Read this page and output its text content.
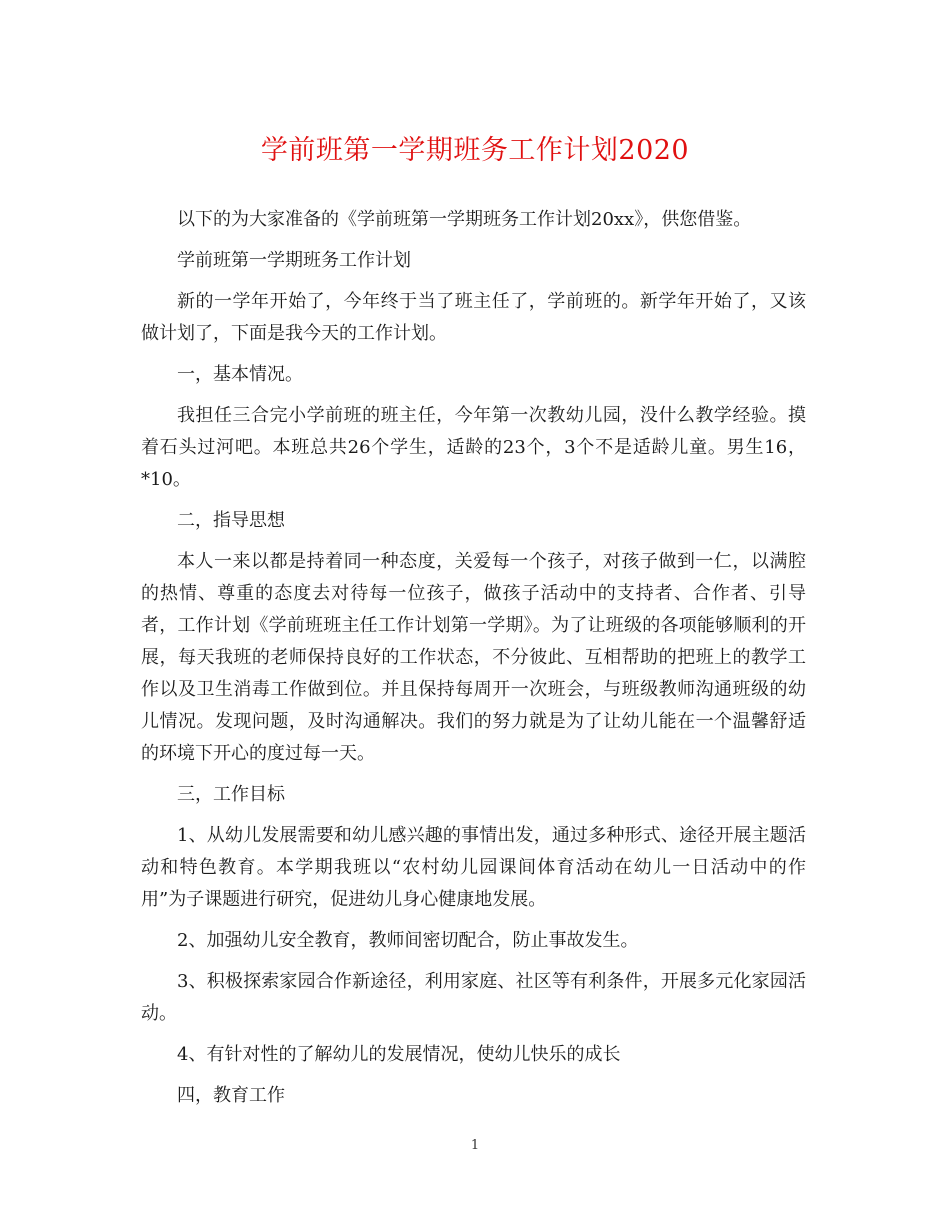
学前班第一学期班务工作计划2020

以下的为大家准备的《学前班第一学期班务工作计划20xx》，供您借鉴。

学前班第一学期班务工作计划

新的一学年开始了，今年终于当了班主任了，学前班的。新学年开始了，又该做计划了，下面是我今天的工作计划。

一，基本情况。

我担任三合完小学前班的班主任，今年第一次教幼儿园，没什么教学经验。摸着石头过河吧。本班总共26个学生，适龄的23个，3个不是适龄儿童。男生16，*10。

二，指导思想

本人一来以都是持着同一种态度，关爱每一个孩子，对孩子做到一仁，以满腔的热情、尊重的态度去对待每一位孩子，做孩子活动中的支持者、合作者、引导者，工作计划《学前班班主任工作计划第一学期》。为了让班级的各项能够顺利的开展，每天我班的老师保持良好的工作状态，不分彼此、互相帮助的把班上的教学工作以及卫生消毒工作做到位。并且保持每周开一次班会，与班级教师沟通班级的幼儿情况。发现问题，及时沟通解决。我们的努力就是为了让幼儿能在一个温馨舒适的环境下开心的度过每一天。

三，工作目标

1、从幼儿发展需要和幼儿感兴趣的事情出发，通过多种形式、途径开展主题活动和特色教育。本学期我班以“农村幼儿园课间体育活动在幼儿一日活动中的作用”为子课题进行研究，促进幼儿身心健康地发展。

2、加强幼儿安全教育，教师间密切配合，防止事故发生。

3、积极探索家园合作新途径，利用家庭、社区等有利条件，开展多元化家园活动。

4、有针对性的了解幼儿的发展情况，使幼儿快乐的成长

四，教育工作

1
